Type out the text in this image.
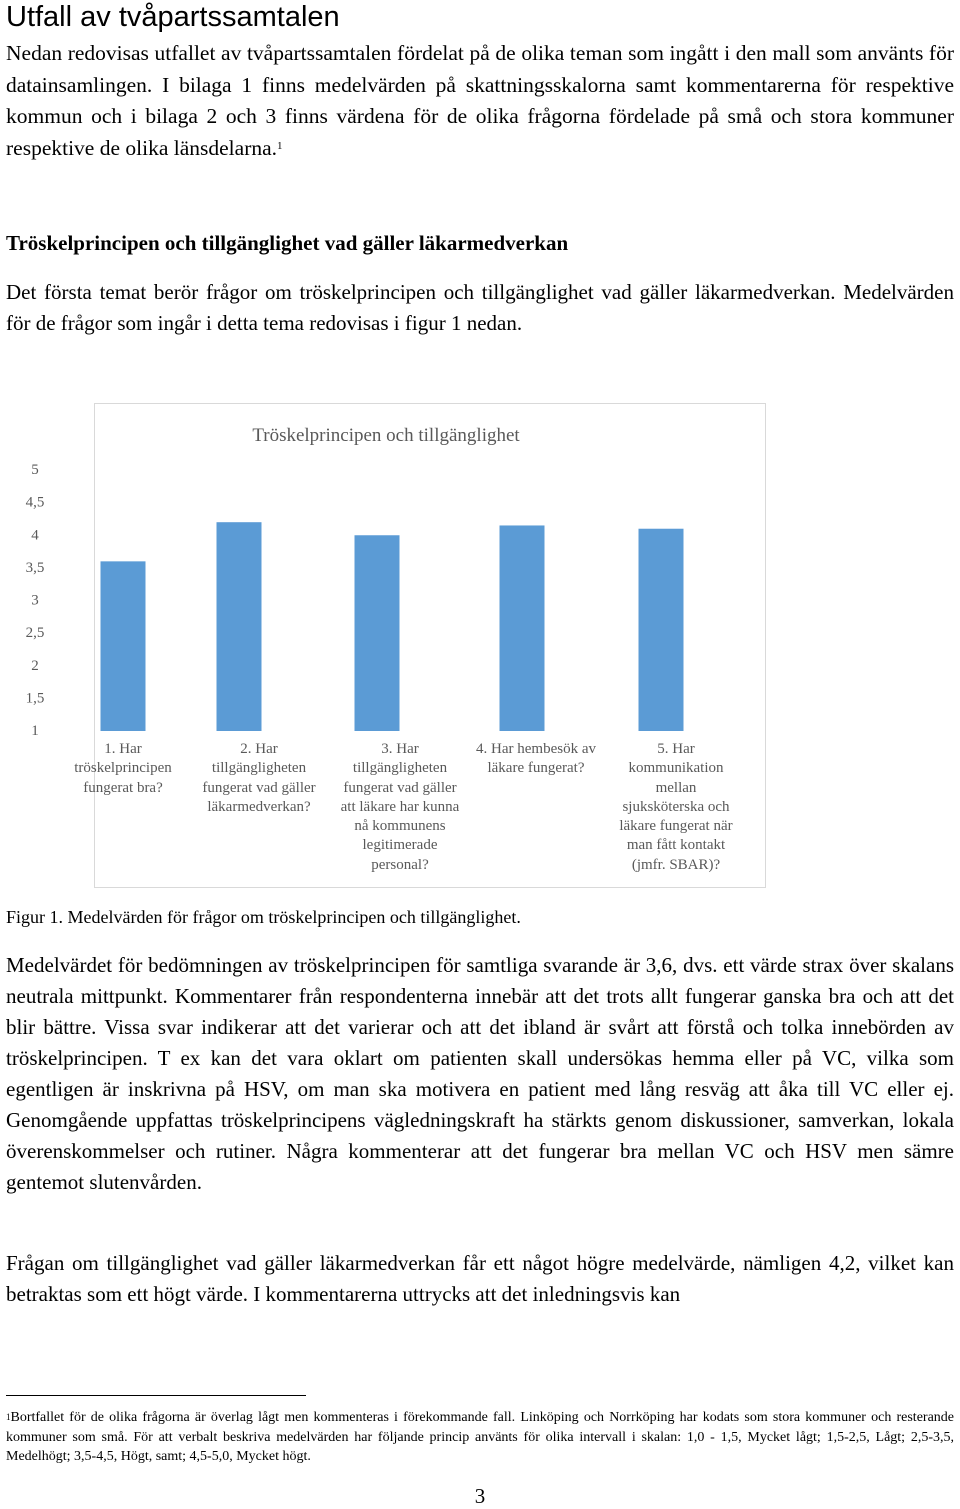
Utfall av tvåpartssamtalen

Nedan redovisas utfallet av tvåpartssamtalen fördelat på de olika teman som ingått i den mall som använts för datainsamlingen. I bilaga 1 finns medelvärden på skattningsskalorna samt kommentarerna för respektive kommun och i bilaga 2 och 3 finns värdena för de olika frågorna fördelade på små och stora kommuner respektive de olika länsdelarna.$^1$

Tröskelprincipen och tillgänglighet vad gäller läkarmedverkan

Det första temat berör frågor om tröskelprincipen och tillgänglighet vad gäller läkarmedverkan. Medelvärden för de frågor som ingår i detta tema redovisas i figur 1 nedan.

Tröskelprincipen och tillgänglighet
1. Har
tröskelprincipen
fungerat bra?
2. Har
tillgängligheten
fungerat vad gäller
läkarmedverkan?
3. Har
tillgängligheten
fungerat vad gäller
att läkare har kunna
nå kommunens
legitimerade
personal?
4. Har hembesök av
läkare fungerat?
5. Har
kommunikation
mellan
sjuksköterska och
läkare fungerat när
man fått kontakt
(jmfr. SBAR)?
1
1,5
2
2,5
3
3,5
4
4,5
5
Figur 1. Medelvärden för frågor om tröskelprincipen och tillgänglighet.

Medelvärdet för bedömningen av tröskelprincipen för samtliga svarande är 3,6, dvs. ett värde strax över skalans neutrala mittpunkt. Kommentarer från respondenterna innebär att det trots allt fungerar ganska bra och att det blir bättre. Vissa svar indikerar att det varierar och att det ibland är svårt att förstå och tolka innebörden av tröskelprincipen. T ex kan det vara oklart om patienten skall undersökas hemma eller på VC, vilka som egentligen är inskrivna på HSV, om man ska motivera en patient med lång resväg att åka till VC eller ej. Genomgående uppfattas tröskelprincipens vägledningskraft ha stärkts genom diskussioner, samverkan, lokala överenskommelser och rutiner. Några kommenterar att det fungerar bra mellan VC och HSV men sämre gentemot slutenvården.

Frågan om tillgänglighet vad gäller läkarmedverkan får ett något högre medelvärde, nämligen 4,2, vilket kan betraktas som ett högt värde. I kommentarerna uttrycks att det inledningsvis kan

$^1$Bortfallet för de olika frågorna är överlag lågt men kommenteras i förekommande fall. Linköping och Norrköping har kodats som stora kommuner och resterande kommuner som små. För att verbalt beskriva medelvärden har följande princip använts för olika intervall i skalan: 1,0 - 1,5, Mycket lågt; 1,5-2,5, Lågt; 2,5-3,5, Medelhögt; 3,5-4,5, Högt, samt; 4,5-5,0, Mycket högt.
3
